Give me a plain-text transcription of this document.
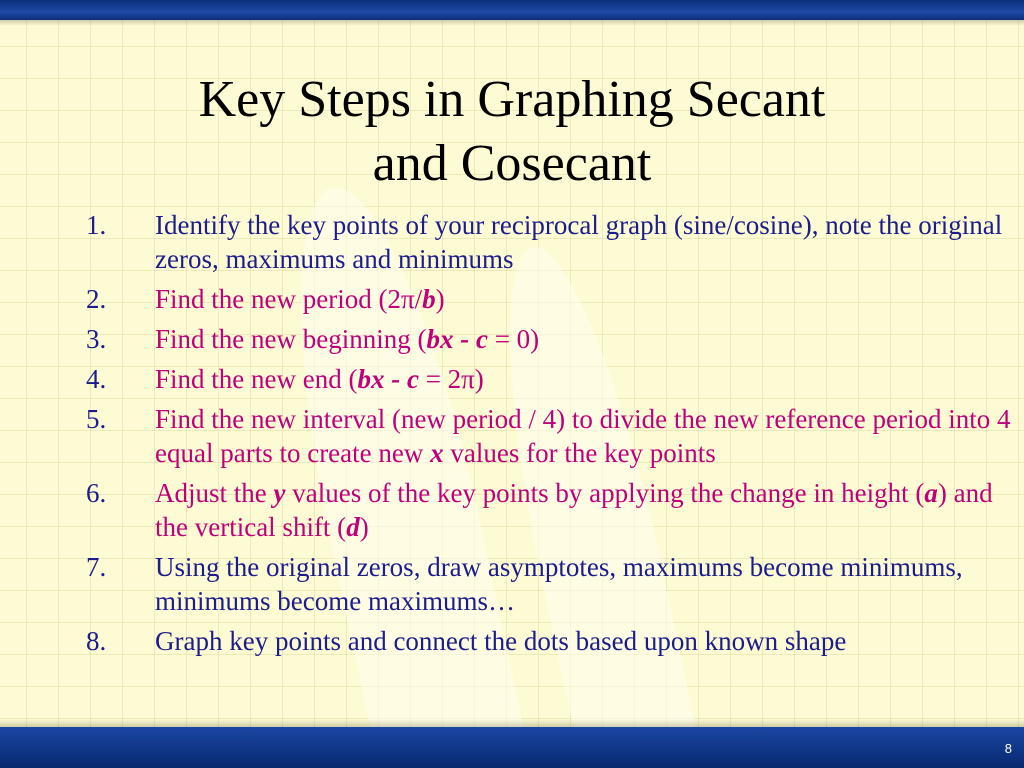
Key Steps in Graphing Secant
and Cosecant
1. Identify the key points of your reciprocal graph (sine/cosine), note the original zeros, maximums and minimums
2. Find the new period (2π/b)
3. Find the new beginning (bx - c = 0)
4. Find the new end (bx - c = 2π)
5. Find the new interval (new period / 4) to divide the new reference period into 4 equal parts to create new x values for the key points
6. Adjust the y values of the key points by applying the change in height (a) and the vertical shift (d)
7. Using the original zeros, draw asymptotes, maximums become minimums, minimums become maximums…
8. Graph key points and connect the dots based upon known shape
8
